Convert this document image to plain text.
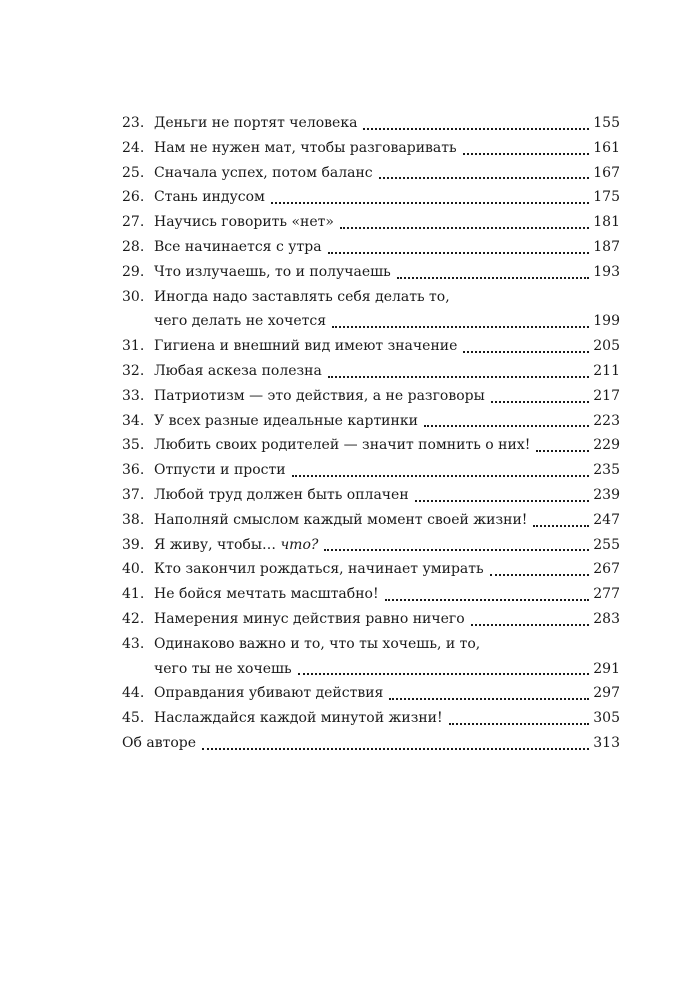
23. Деньги не портят человека	155
24. Нам не нужен мат, чтобы разговаривать	161
25. Сначала успех, потом баланс	167
26. Стань индусом	175
27. Научись говорить «нет»	181
28. Все начинается с утра	187
29. Что излучаешь, то и получаешь	193
30. Иногда надо заставлять себя делать то,
чего делать не хочется	199
31. Гигиена и внешний вид имеют значение	205
32. Любая аскеза полезна	211
33. Патриотизм — это действия, а не разговоры	217
34. У всех разные идеальные картинки	223
35. Любить своих родителей — значит помнить о них!	229
36. Отпусти и прости	235
37. Любой труд должен быть оплачен	239
38. Наполняй смыслом каждый момент своей жизни!	247
39. Я живу, чтобы… что?	255
40. Кто закончил рождаться, начинает умирать	267
41. Не бойся мечтать масштабно!	277
42. Намерения минус действия равно ничего	283
43. Одинаково важно и то, что ты хочешь, и то,
чего ты не хочешь	291
44. Оправдания убивают действия	297
45. Наслаждайся каждой минутой жизни!	305
Об авторе	313
